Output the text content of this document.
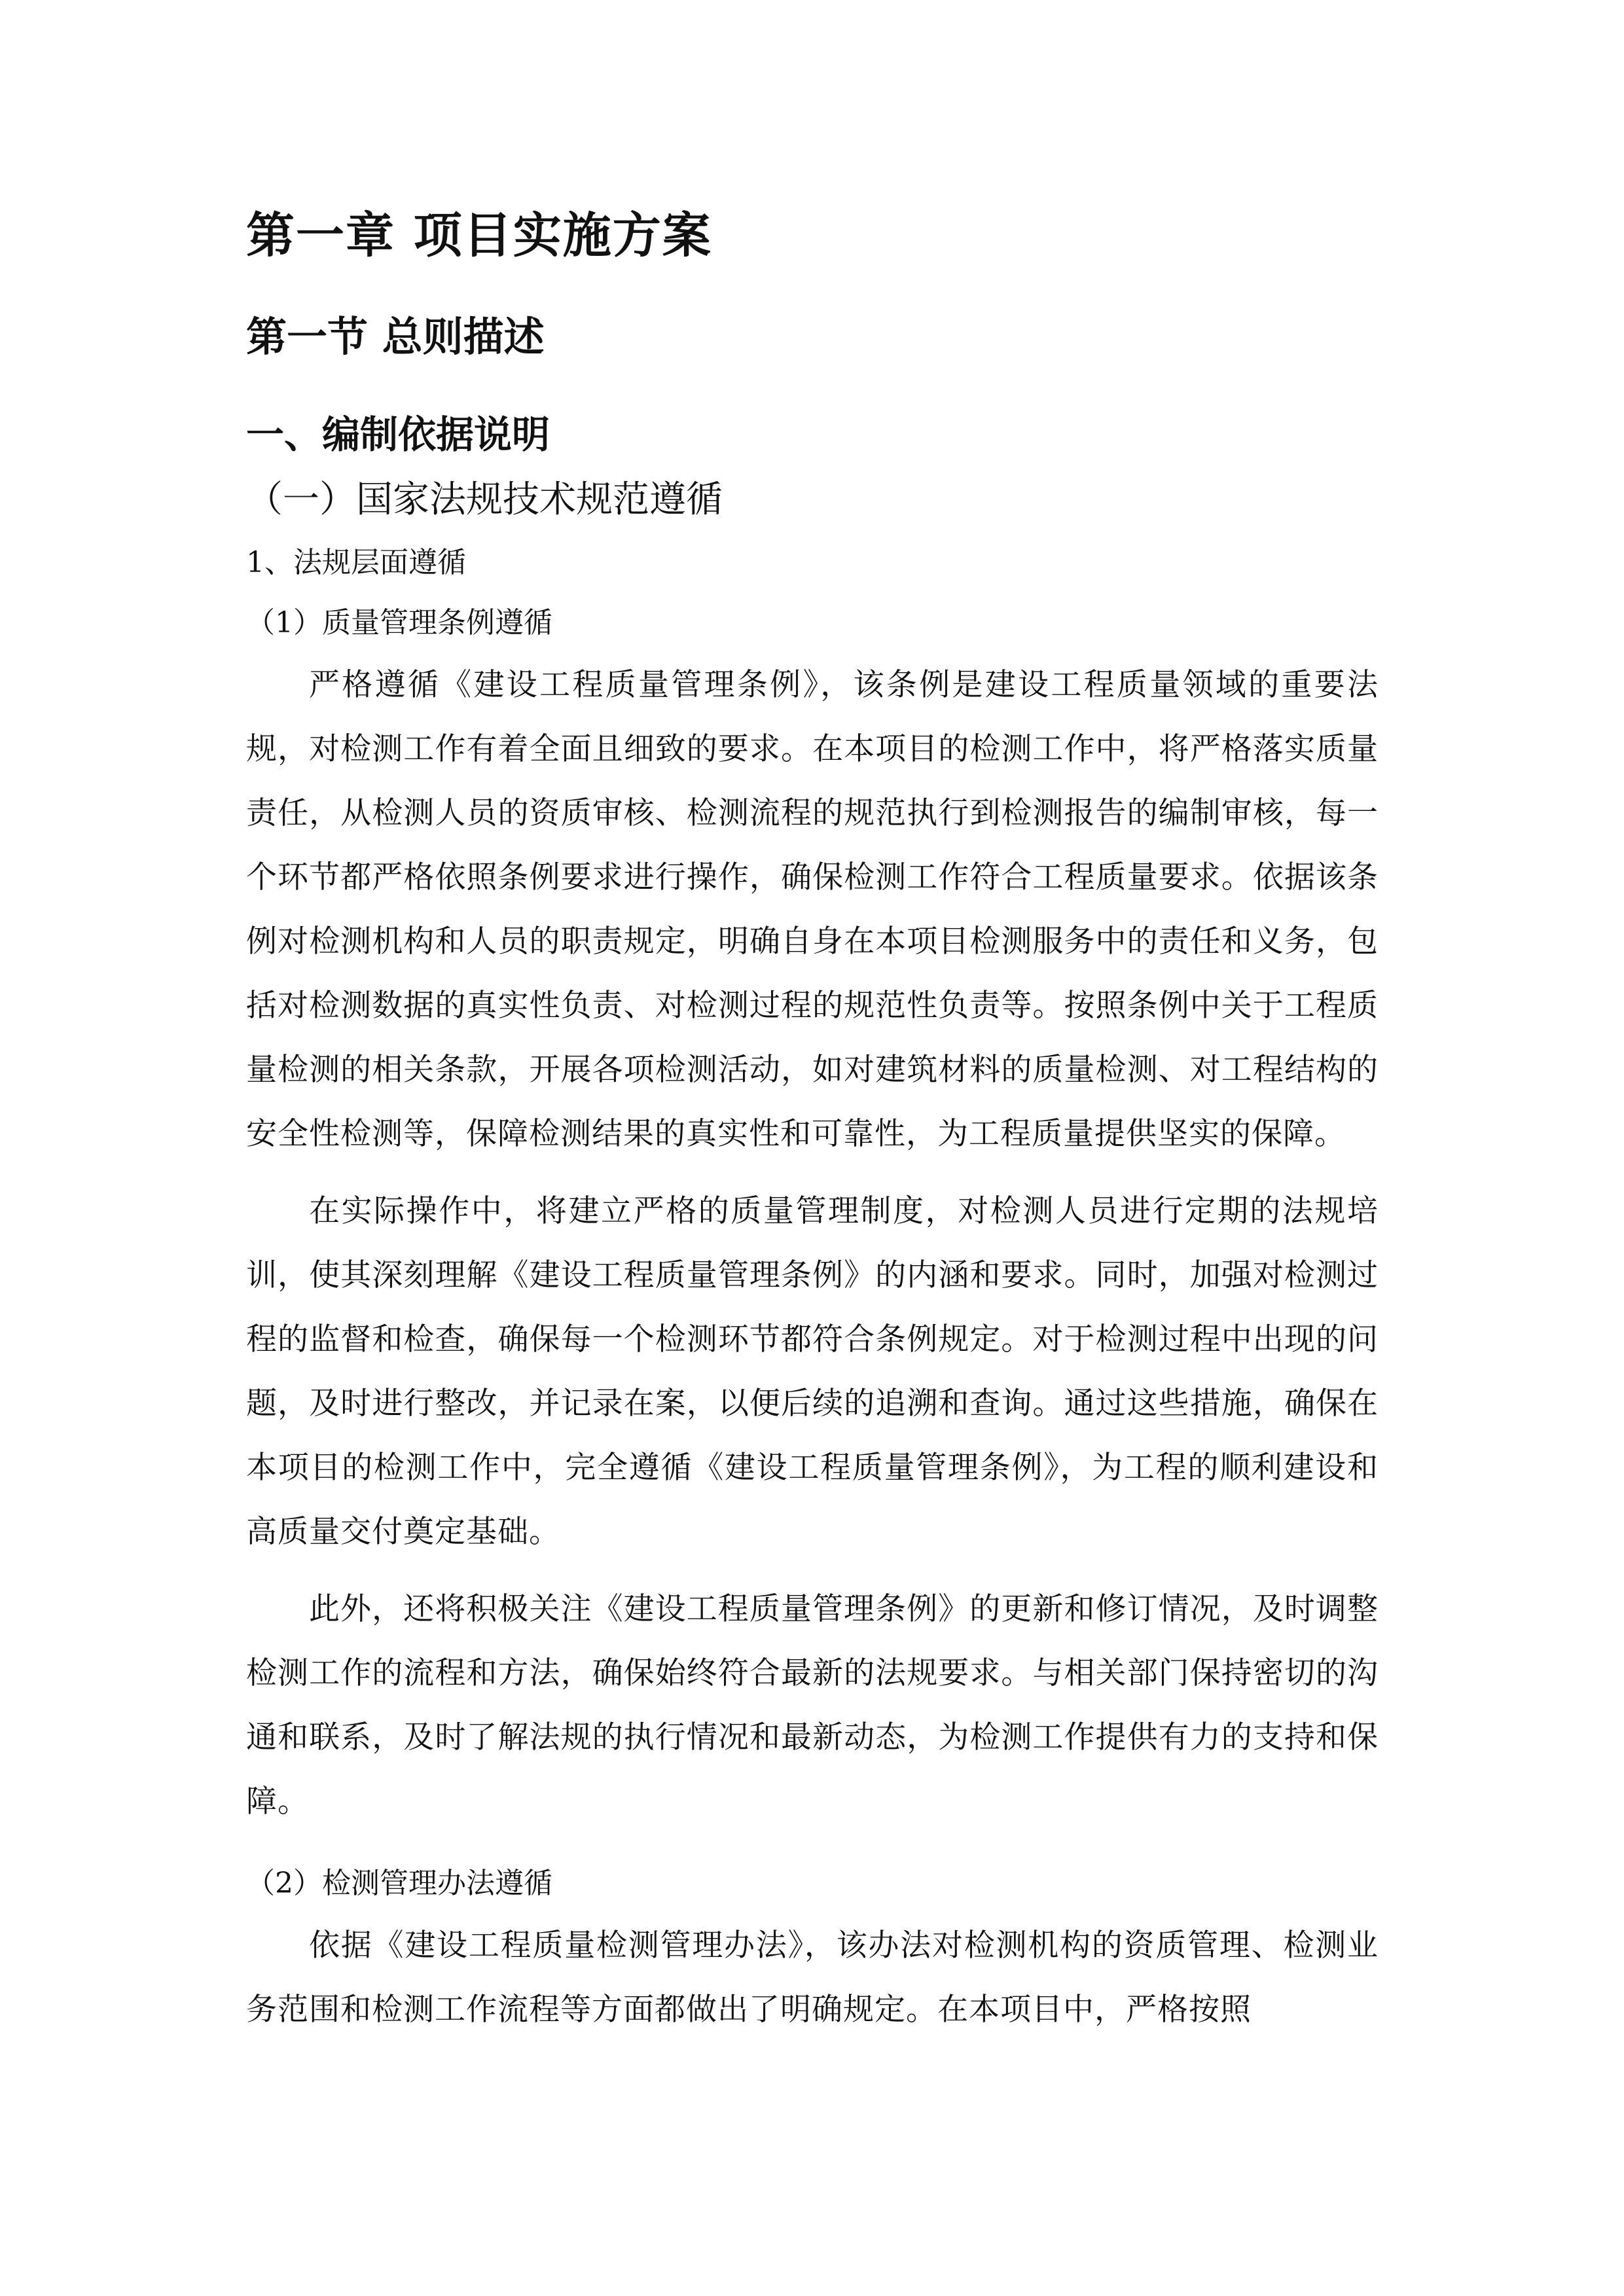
第一章 项目实施方案
第一节 总则描述
一、编制依据说明
（一）国家法规技术规范遵循
1、法规层面遵循
（1）质量管理条例遵循

严格遵循《建设工程质量管理条例》，该条例是建设工程质量领域的重要法规，对检测工作有着全面且细致的要求。在本项目的检测工作中，将严格落实质量责任，从检测人员的资质审核、检测流程的规范执行到检测报告的编制审核，每一个环节都严格依照条例要求进行操作，确保检测工作符合工程质量要求。依据该条例对检测机构和人员的职责规定，明确自身在本项目检测服务中的责任和义务，包括对检测数据的真实性负责、对检测过程的规范性负责等。按照条例中关于工程质量检测的相关条款，开展各项检测活动，如对建筑材料的质量检测、对工程结构的安全性检测等，保障检测结果的真实性和可靠性，为工程质量提供坚实的保障。

在实际操作中，将建立严格的质量管理制度，对检测人员进行定期的法规培训，使其深刻理解《建设工程质量管理条例》的内涵和要求。同时，加强对检测过程的监督和检查，确保每一个检测环节都符合条例规定。对于检测过程中出现的问题，及时进行整改，并记录在案，以便后续的追溯和查询。通过这些措施，确保在本项目的检测工作中，完全遵循《建设工程质量管理条例》，为工程的顺利建设和高质量交付奠定基础。

此外，还将积极关注《建设工程质量管理条例》的更新和修订情况，及时调整检测工作的流程和方法，确保始终符合最新的法规要求。与相关部门保持密切的沟通和联系，及时了解法规的执行情况和最新动态，为检测工作提供有力的支持和保障。

（2）检测管理办法遵循

依据《建设工程质量检测管理办法》，该办法对检测机构的资质管理、检测业务范围和检测工作流程等方面都做出了明确规定。在本项目中，严格按照
